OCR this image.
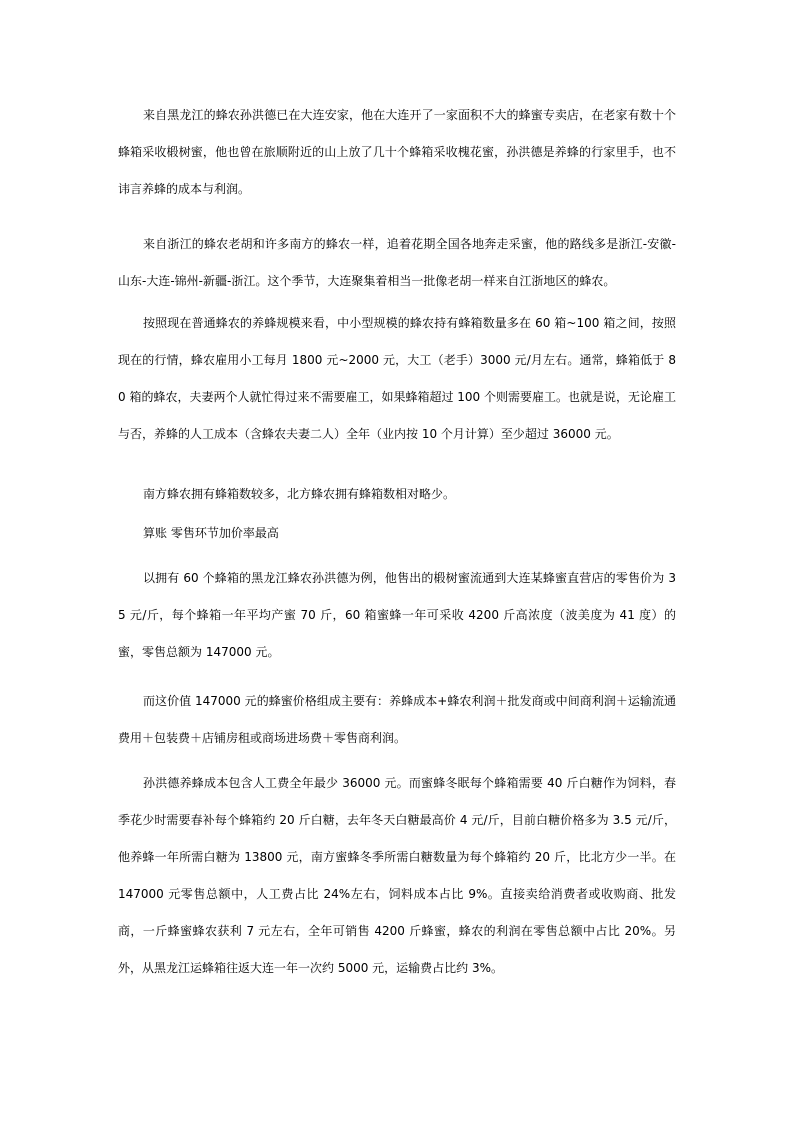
来自黑龙江的蜂农孙洪德已在大连安家，他在大连开了一家面积不大的蜂蜜专卖店，在老家有数十个蜂箱采收椴树蜜，他也曾在旅顺附近的山上放了几十个蜂箱采收槐花蜜，孙洪德是养蜂的行家里手，也不讳言养蜂的成本与利润。

来自浙江的蜂农老胡和许多南方的蜂农一样，追着花期全国各地奔走采蜜，他的路线多是浙江-安徽-山东-大连-锦州-新疆-浙江。这个季节，大连聚集着相当一批像老胡一样来自江浙地区的蜂农。

按照现在普通蜂农的养蜂规模来看，中小型规模的蜂农持有蜂箱数量多在 60 箱~100 箱之间，按照现在的行情，蜂农雇用小工每月 1800 元~2000 元，大工（老手）3000 元/月左右。通常，蜂箱低于 80 箱的蜂农，夫妻两个人就忙得过来不需要雇工，如果蜂箱超过 100 个则需要雇工。也就是说，无论雇工与否，养蜂的人工成本（含蜂农夫妻二人）全年（业内按 10 个月计算）至少超过 36000 元。

南方蜂农拥有蜂箱数较多，北方蜂农拥有蜂箱数相对略少。

算账 零售环节加价率最高

以拥有 60 个蜂箱的黑龙江蜂农孙洪德为例，他售出的椴树蜜流通到大连某蜂蜜直营店的零售价为 35 元/斤，每个蜂箱一年平均产蜜 70 斤，60 箱蜜蜂一年可采收 4200 斤高浓度（波美度为 41 度）的蜜，零售总额为 147000 元。

而这价值 147000 元的蜂蜜价格组成主要有：养蜂成本+蜂农利润＋批发商或中间商利润＋运输流通费用＋包装费＋店铺房租或商场进场费＋零售商利润。

孙洪德养蜂成本包含人工费全年最少 36000 元。而蜜蜂冬眠每个蜂箱需要 40 斤白糖作为饲料，春季花少时需要春补每个蜂箱约 20 斤白糖，去年冬天白糖最高价 4 元/斤，目前白糖价格多为 3.5 元/斤，他养蜂一年所需白糖为 13800 元，南方蜜蜂冬季所需白糖数量为每个蜂箱约 20 斤，比北方少一半。在 147000 元零售总额中，人工费占比 24%左右，饲料成本占比 9%。直接卖给消费者或收购商、批发商，一斤蜂蜜蜂农获利 7 元左右，全年可销售 4200 斤蜂蜜，蜂农的利润在零售总额中占比 20%。另外，从黑龙江运蜂箱往返大连一年一次约 5000 元，运输费占比约 3%。
